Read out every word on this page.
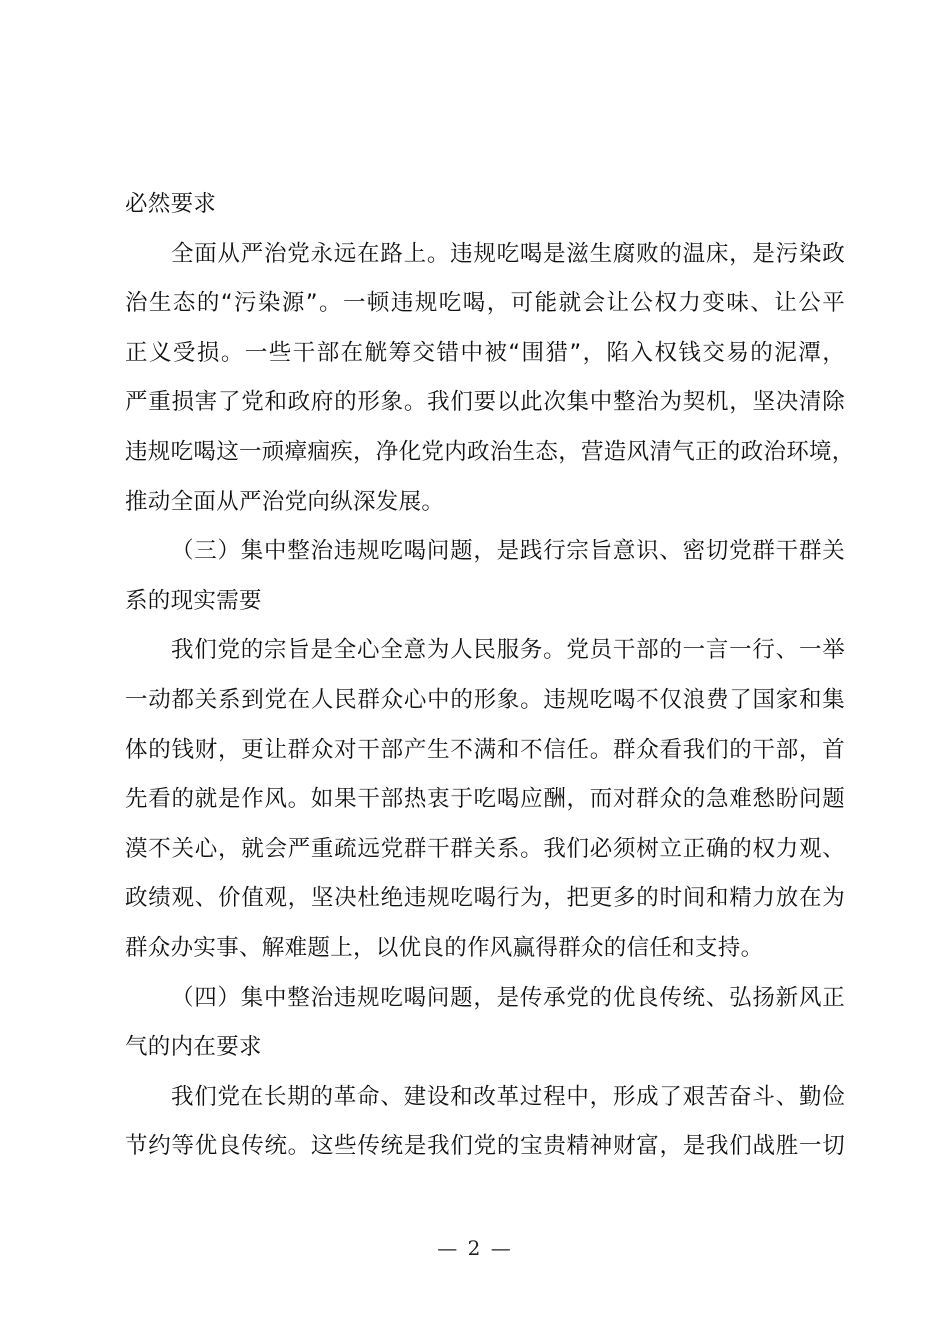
必然要求
全面从严治党永远在路上。违规吃喝是滋生腐败的温床，是污染政
治生态的“污染源”。一顿违规吃喝，可能就会让公权力变味、让公平
正义受损。一些干部在觥筹交错中被“围猎”，陷入权钱交易的泥潭，
严重损害了党和政府的形象。我们要以此次集中整治为契机，坚决清除
违规吃喝这一顽瘴痼疾，净化党内政治生态，营造风清气正的政治环境，
推动全面从严治党向纵深发展。
（三）集中整治违规吃喝问题，是践行宗旨意识、密切党群干群关
系的现实需要
我们党的宗旨是全心全意为人民服务。党员干部的一言一行、一举
一动都关系到党在人民群众心中的形象。违规吃喝不仅浪费了国家和集
体的钱财，更让群众对干部产生不满和不信任。群众看我们的干部，首
先看的就是作风。如果干部热衷于吃喝应酬，而对群众的急难愁盼问题
漠不关心，就会严重疏远党群干群关系。我们必须树立正确的权力观、
政绩观、价值观，坚决杜绝违规吃喝行为，把更多的时间和精力放在为
群众办实事、解难题上，以优良的作风赢得群众的信任和支持。
（四）集中整治违规吃喝问题，是传承党的优良传统、弘扬新风正
气的内在要求
我们党在长期的革命、建设和改革过程中，形成了艰苦奋斗、勤俭
节约等优良传统。这些传统是我们党的宝贵精神财富，是我们战胜一切
— 2 —
